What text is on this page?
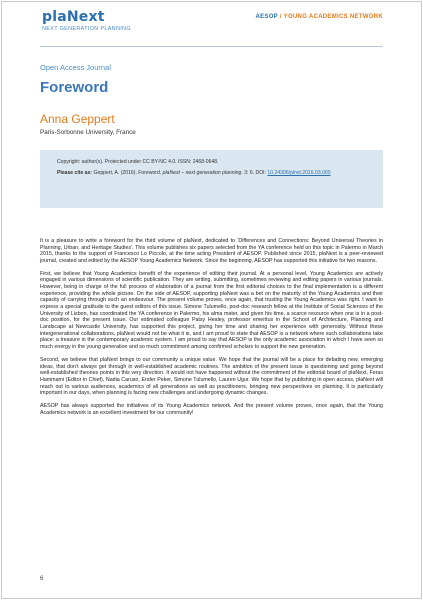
plaNext
NEXT GENERATION PLANNING
AESOP / YOUNG ACADEMICS NETWORK
Open Access Journal
Foreword
Anna Geppert
Paris-Sorbonne University, France
Copyright: author(s). Protected under CC BY-NC 4.0. ISSN: 2468-0648.
Please cite as: Geppert, A. (2016). Foreword. plaNext – next generation planning. 3: 6. DOI: 10.24306/plnxt.2016.03.000

It is a pleasure to write a foreword for the third volume of plaNext, dedicated to ‘Differences and Connections: Beyond Universal Theories in Planning, Urban, and Heritage Studies’. This volume publishes six papers selected from the YA conference held on this topic in Palermo in March 2015, thanks to the support of Francesco Lo Piccolo, at the time acting President of AESOP. Published since 2015, plaNext is a peer-reviewed journal, created and edited by the AESOP Young Academics Network. Since the beginning, AESOP has supported this initiative for two reasons.

First, we believe that Young Academics benefit of the experience of editing their journal. At a personal level, Young Academics are actively engaged in various dimensions of scientific publication. They are writing, submitting, sometimes reviewing and editing papers in various journals. However, being in charge of the full process of elaboration of a journal from the first editorial choices to the final implementation is a different experience, providing the whole picture. On the side of AESOP, supporting plaNext was a bet on the maturity of the Young Academics and their capacity of carrying through such an endeavour. The present volume proves, once again, that trusting the Young Academics was right. I want to express a special gratitude to the guest editors of this issue. Simone Tulumello, post-doc research fellow at the Institute of Social Sciences of the University of Lisbon, has coordinated the YA conference in Palermo, his alma mater, and given his time, a scarce resource when one is in a post-doc position, for the present issue. Our estimated colleague Patsy Healey, professor emeritus in the School of Architecture, Planning and Landscape at Newcastle University, has supported this project, giving her time and sharing her experience with generosity. Without these intergenerational collaborations, plaNext would not be what it is, and I am proud to state that AESOP is a network where such collaborations take place: a treasure in the contemporary academic system. I am proud to say that AESOP is the only academic association in which I have seen so much energy in the young generation and so much commitment among confirmed scholars to support the new generation.

Second, we believe that plaNext brings to our community a unique value. We hope that the journal will be a place for debating new, emerging ideas, that don’t always get through in well-established academic routines. The ambition of the present issue is questioning and going beyond well-established theories points in this very direction. It would not have happened without the commitment of the editorial board of plaNext, Feras Hammami (Editor in Chief), Nadia Caruso, Ender Peker, Simone Tulumello, Lauren Ugur. We hope that by publishing in open access, plaNext will reach out to various audiences, academics of all generations as well as practitioners, bringing new perspectives on planning. It is particularly important in our days, when planning is facing new challenges and undergoing dynamic changes.

AESOP has always supported the initiatives of its Young Academics network. And the present volume proves, once again, that the Young Academics network is an excellent investment for our community!

6
